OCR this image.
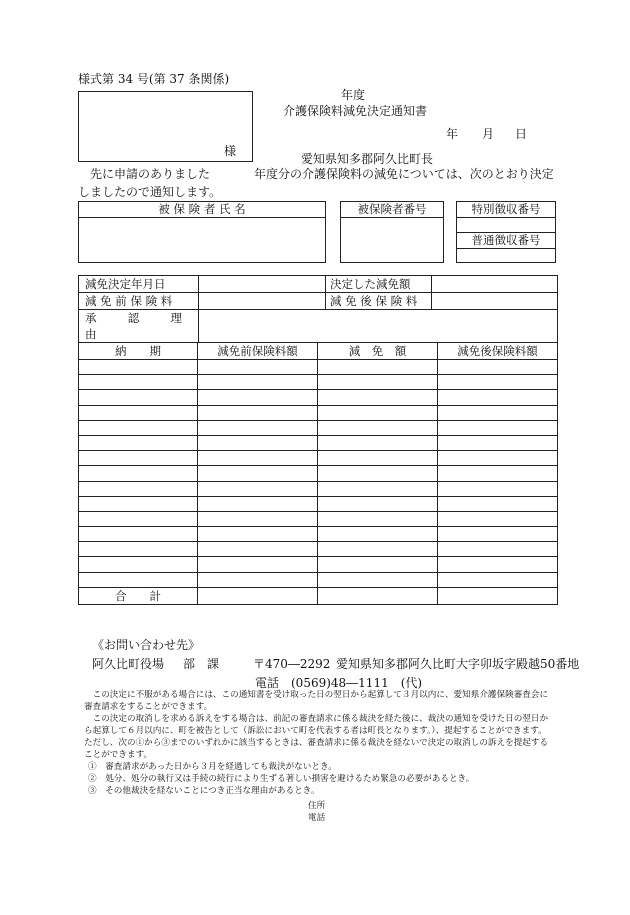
様式第 34 号(第 37 条関係)
年度
介護保険料減免決定通知書
様
年 月 日
愛知県知多郡阿久比町長
先に申請のありました	年度分の介護保険料の減免については、次のとおり決定
しましたので通知します。
被 保 険 者 氏 名	被保険者番号	特別徴収番号
普通徴収番号
減免決定年月日		決定した減免額	
減 免 前 保 険 料		減 免 後 保 険 料	
承 認 理 由			
納　　期	減免前保険料額	減　免　額	減免後保険料額

合　　計			
《お問い合わせ先》
阿久比町役場 部　課	〒470―2292 愛知県知多郡阿久比町大字卯坂字殿越50番地
電話　(0569)48―1111　(代)

この決定に不服がある場合には、この通知書を受け取った日の翌日から起算して３月以内に、愛知県介護保険審査会に審査請求をすることができます。

この決定の取消しを求める訴えをする場合は、前記の審査請求に係る裁決を経た後に、裁決の通知を受けた日の翌日から起算して６月以内に、町を被告として（訴訟において町を代表する者は町長となります。）、提起することができます。ただし、次の①から③までのいずれかに該当するときは、審査請求に係る裁決を経ないで決定の取消しの訴えを提起することができます。

①　審査請求があった日から３月を経過しても裁決がないとき。

②　処分、処分の執行又は手続の続行により生ずる著しい損害を避けるため緊急の必要があるとき。

③　その他裁決を経ないことにつき正当な理由があるとき。

住所
電話
